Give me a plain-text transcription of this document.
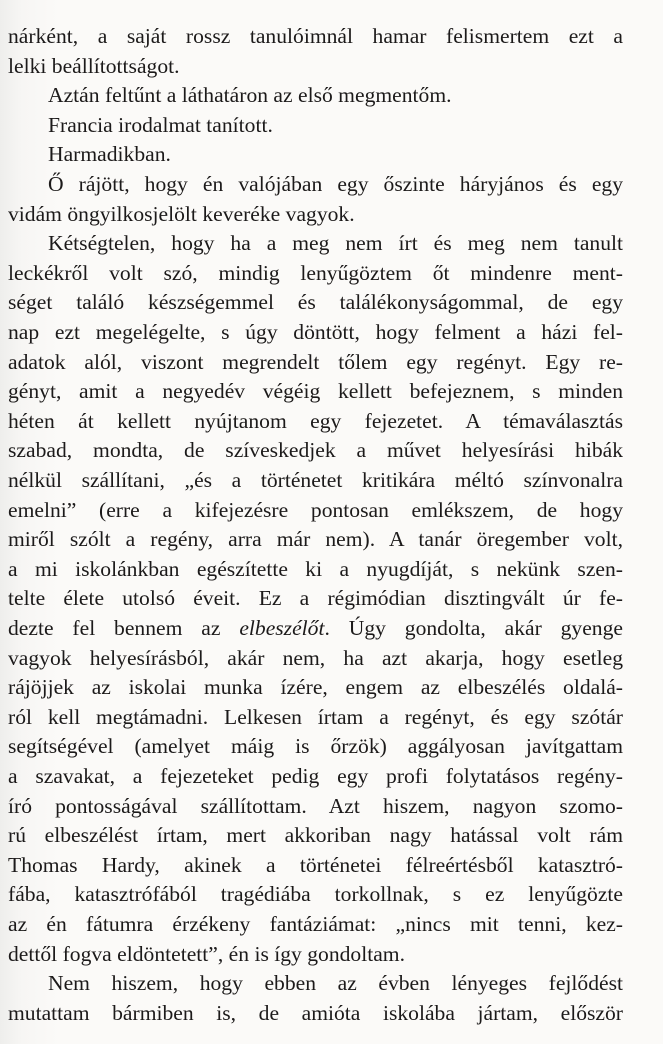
nárként, a saját rossz tanulóimnál hamar felismertem ezt a
lelki beállítottságot.
Aztán feltűnt a láthatáron az első megmentőm.
Francia irodalmat tanított.
Harmadikban.
Ő rájött, hogy én valójában egy őszinte háryjános és egy
vidám öngyilkosjelölt keveréke vagyok.
Kétségtelen, hogy ha a meg nem írt és meg nem tanult
leckékről volt szó, mindig lenyűgöztem őt mindenre ment-
séget találó készségemmel és találékonyságommal, de egy
nap ezt megelégelte, s úgy döntött, hogy felment a házi fel-
adatok alól, viszont megrendelt tőlem egy regényt. Egy re-
gényt, amit a negyedév végéig kellett befejeznem, s minden
héten át kellett nyújtanom egy fejezetet. A témaválasztás
szabad, mondta, de szíveskedjek a művet helyesírási hibák
nélkül szállítani, „és a történetet kritikára méltó színvonalra
emelni” (erre a kifejezésre pontosan emlékszem, de hogy
miről szólt a regény, arra már nem). A tanár öregember volt,
a mi iskolánkban egészítette ki a nyugdíját, s nekünk szen-
telte élete utolsó éveit. Ez a régimódian disztingvált úr fe-
dezte fel bennem az elbeszélőt. Úgy gondolta, akár gyenge
vagyok helyesírásból, akár nem, ha azt akarja, hogy esetleg
rájöjjek az iskolai munka ízére, engem az elbeszélés oldalá-
ról kell megtámadni. Lelkesen írtam a regényt, és egy szótár
segítségével (amelyet máig is őrzök) aggályosan javítgattam
a szavakat, a fejezeteket pedig egy profi folytatásos regény-
író pontosságával szállítottam. Azt hiszem, nagyon szomo-
rú elbeszélést írtam, mert akkoriban nagy hatással volt rám
Thomas Hardy, akinek a történetei félreértésből katasztró-
fába, katasztrófából tragédiába torkollnak, s ez lenyűgözte
az én fátumra érzékeny fantáziámat: „nincs mit tenni, kez-
dettől fogva eldöntetett”, én is így gondoltam.
Nem hiszem, hogy ebben az évben lényeges fejlődést
mutattam bármiben is, de amióta iskolába jártam, először
